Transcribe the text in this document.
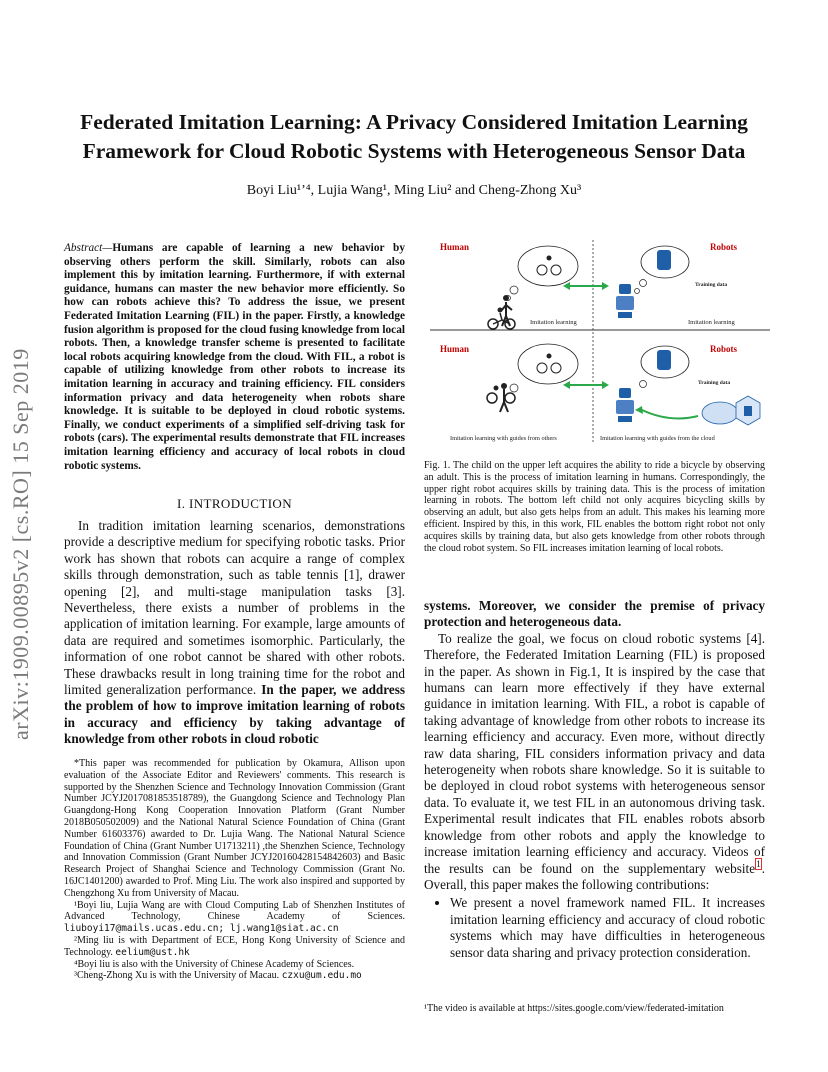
arXiv:1909.00895v2 [cs.RO] 15 Sep 2019
Federated Imitation Learning: A Privacy Considered Imitation Learning
Framework for Cloud Robotic Systems with Heterogeneous Sensor Data
Boyi Liu¹ʼ⁴, Lujia Wang¹, Ming Liu² and Cheng-Zhong Xu³
Abstract—Humans are capable of learning a new behavior by observing others perform the skill. Similarly, robots can also implement this by imitation learning. Furthermore, if with external guidance, humans can master the new behavior more efficiently. So how can robots achieve this? To address the issue, we present Federated Imitation Learning (FIL) in the paper. Firstly, a knowledge fusion algorithm is proposed for the cloud fusing knowledge from local robots. Then, a knowledge transfer scheme is presented to facilitate local robots acquiring knowledge from the cloud. With FIL, a robot is capable of utilizing knowledge from other robots to increase its imitation learning in accuracy and training efficiency. FIL considers information privacy and data heterogeneity when robots share knowledge. It is suitable to be deployed in cloud robotic systems. Finally, we conduct experiments of a simplified self-driving task for robots (cars). The experimental results demonstrate that FIL increases imitation learning efficiency and accuracy of local robots in cloud robotic systems.
I. INTRODUCTION

In tradition imitation learning scenarios, demonstrations provide a descriptive medium for specifying robotic tasks. Prior work has shown that robots can acquire a range of complex skills through demonstration, such as table tennis [1], drawer opening [2], and multi-stage manipulation tasks [3]. Nevertheless, there exists a number of problems in the application of imitation learning. For example, large amounts of data are required and sometimes isomorphic. Particularly, the information of one robot cannot be shared with other robots. These drawbacks result in long training time for the robot and limited generalization performance. In the paper, we address the problem of how to improve imitation learning of robots in accuracy and efficiency by taking advantage of knowledge from other robots in cloud robotic

*This paper was recommended for publication by Okamura, Allison upon evaluation of the Associate Editor and Reviewers' comments. This research is supported by the Shenzhen Science and Technology Innovation Commission (Grant Number JCYJ2017081853518789), the Guangdong Science and Technology Plan Guangdong-Hong Kong Cooperation Innovation Platform (Grant Number 2018B050502009) and the National Natural Science Foundation of China (Grant Number 61603376) awarded to Dr. Lujia Wang. The National Natural Science Foundation of China (Grant Number U1713211) ,the Shenzhen Science, Technology and Innovation Commission (Grant Number JCYJ20160428154842603) and Basic Research Project of Shanghai Science and Technology Commission (Grant No. 16JC1401200) awarded to Prof. Ming Liu. The work also inspired and supported by Chengzhong Xu from University of Macau.

¹Boyi liu, Lujia Wang are with Cloud Computing Lab of Shenzhen Institutes of Advanced Technology, Chinese Academy of Sciences. liuboyi17@mails.ucas.edu.cn; lj.wang1@siat.ac.cn

²Ming liu is with Department of ECE, Hong Kong University of Science and Technology. eelium@ust.hk

⁴Boyi liu is also with the University of Chinese Academy of Sciences.

³Cheng-Zhong Xu is with the University of Macau. czxu@um.edu.mo

Human	Robots
Human	Robots
Imitation learning
Training data
Imitation learning
Training data
Imitation learning with guides from others	Imitation learning with guides from the cloud
Fig. 1. The child on the upper left acquires the ability to ride a bicycle by observing an adult. This is the process of imitation learning in humans. Correspondingly, the upper right robot acquires skills by training data. This is the process of imitation learning in robots. The bottom left child not only acquires bicycling skills by observing an adult, but also gets helps from an adult. This makes his learning more efficient. Inspired by this, in this work, FIL enables the bottom right robot not only acquires skills by training data, but also gets knowledge from other robots through the cloud robot system. So FIL increases imitation learning of local robots.

systems. Moreover, we consider the premise of privacy protection and heterogeneous data.

To realize the goal, we focus on cloud robotic systems [4]. Therefore, the Federated Imitation Learning (FIL) is proposed in the paper. As shown in Fig.1, It is inspired by the case that humans can learn more effectively if they have external guidance in imitation learning. With FIL, a robot is capable of taking advantage of knowledge from other robots to increase its learning efficiency and accuracy. Even more, without directly raw data sharing, FIL considers information privacy and data heterogeneity when robots share knowledge. So it is suitable to be deployed in cloud robot systems with heterogeneous sensor data. To evaluate it, we test FIL in an autonomous driving task. Experimental result indicates that FIL enables robots absorb knowledge from other robots and apply the knowledge to increase imitation learning efficiency and accuracy. Videos of the results can be found on the supplementary website$^1$. Overall, this paper makes the following contributions:

• We present a novel framework named FIL. It increases imitation learning efficiency and accuracy of cloud robotic systems which may have difficulties in heterogeneous sensor data sharing and privacy protection consideration.
¹The video is available at https://sites.google.com/view/federated-imitation
